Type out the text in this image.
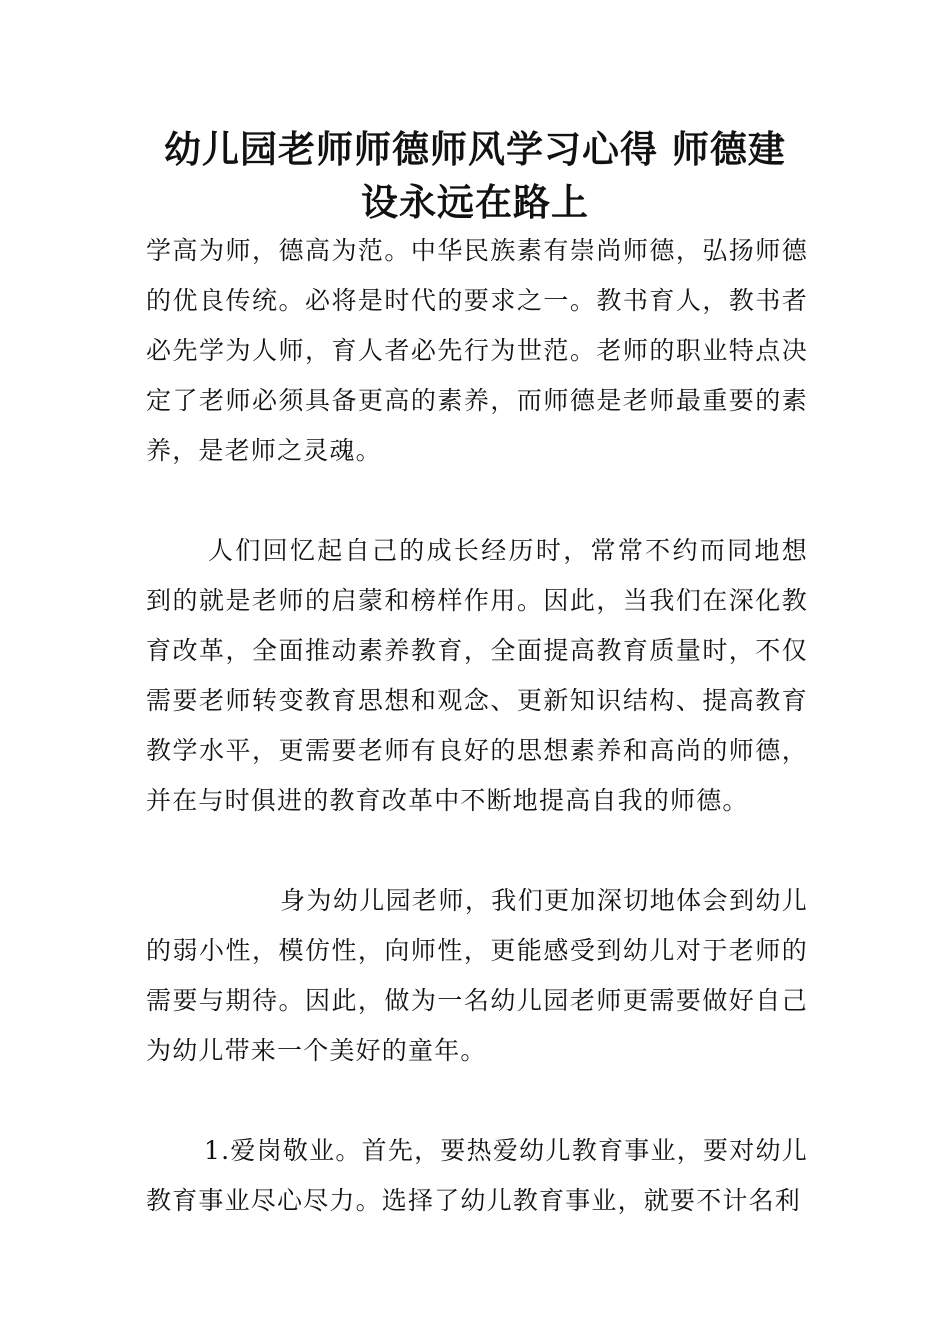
幼儿园老师师德师风学习心得 师德建
设永远在路上

学高为师，德高为范。中华民族素有崇尚师德，弘扬师德的优良传统。必将是时代的要求之一。教书育人，教书者必先学为人师，育人者必先行为世范。老师的职业特点决定了老师必须具备更高的素养，而师德是老师最重要的素养，是老师之灵魂。

人们回忆起自己的成长经历时，常常不约而同地想到的就是老师的启蒙和榜样作用。因此，当我们在深化教育改革，全面推动素养教育，全面提高教育质量时，不仅需要老师转变教育思想和观念、更新知识结构、提高教育教学水平，更需要老师有良好的思想素养和高尚的师德，并在与时俱进的教育改革中不断地提高自我的师德。

身为幼儿园老师，我们更加深切地体会到幼儿的弱小性，模仿性，向师性，更能感受到幼儿对于老师的需要与期待。因此，做为一名幼儿园老师更需要做好自己为幼儿带来一个美好的童年。

1.爱岗敬业。首先，要热爱幼儿教育事业，要对幼儿教育事业尽心尽力。选择了幼儿教育事业，就要不计名利
